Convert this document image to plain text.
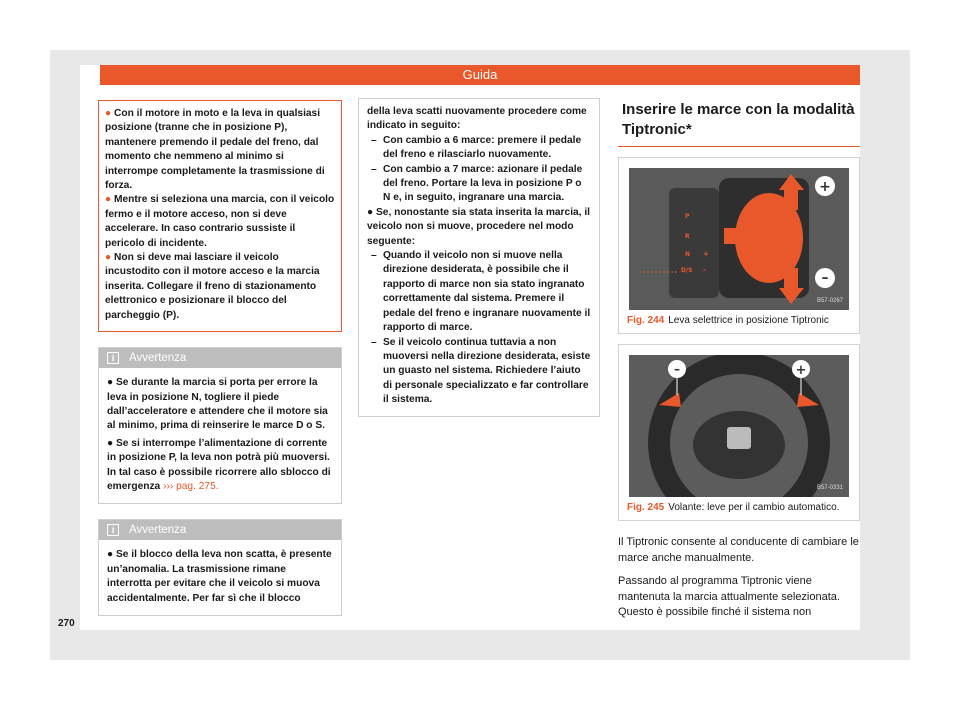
Guida

● Con il motore in moto e la leva in qualsiasi posizione (tranne che in posizione P), mantenere premendo il pedale del freno, dal momento che nemmeno al minimo si interrompe completamente la trasmissione di forza.

● Mentre si seleziona una marcia, con il veicolo fermo e il motore acceso, non si deve accelerare. In caso contrario sussiste il pericolo di incidente.

● Non si deve mai lasciare il veicolo incustodito con il motore acceso e la marcia inserita. Collegare il freno di stazionamento elettronico e posizionare il blocco del parcheggio (P).

i	Avvertenza

● Se durante la marcia si porta per errore la leva in posizione N, togliere il piede dall’acceleratore e attendere che il motore sia al minimo, prima di reinserire le marce D o S.

● Se si interrompe l’alimentazione di corrente in posizione P, la leva non potrà più muoversi. In tal caso è possibile ricorrere allo sblocco di emergenza ››› pag. 275.

i	Avvertenza

● Se il blocco della leva non scatta, è presente un’anomalia. La trasmissione rimane interrotta per evitare che il veicolo si muova accidentalmente. Per far sì che il blocco

della leva scatti nuovamente procedere come indicato in seguito:

– Con cambio a 6 marce: premere il pedale del freno e rilasciarlo nuovamente.

– Con cambio a 7 marce: azionare il pedale del freno. Portare la leva in posizione P o N e, in seguito, ingranare una marcia.

● Se, nonostante sia stata inserita la marcia, il veicolo non si muove, procedere nel modo seguente:

– Quando il veicolo non si muove nella direzione desiderata, è possibile che il rapporto di marce non sia stato ingranato correttamente dal sistema. Premere il pedale del freno e ingranare nuovamente il rapporto di marce.

– Se il veicolo continua tuttavia a non muoversi nella direzione desiderata, esiste un guasto nel sistema. Richiedere l’aiuto di personale specializzato e far controllare il sistema.

Inserire le marce con la modalità Tiptronic*
+
–
P
R
N
D/S
+
-
B57-0267
Fig. 244 Leva selettrice in posizione Tiptronic
–	+
B57-0331
Fig. 245 Volante: leve per il cambio automatico.

Il Tiptronic consente al conducente di cambiare le marce anche manualmente.

Passando al programma Tiptronic viene mantenuta la marcia attualmente selezionata. Questo è possibile finché il sistema non

270
